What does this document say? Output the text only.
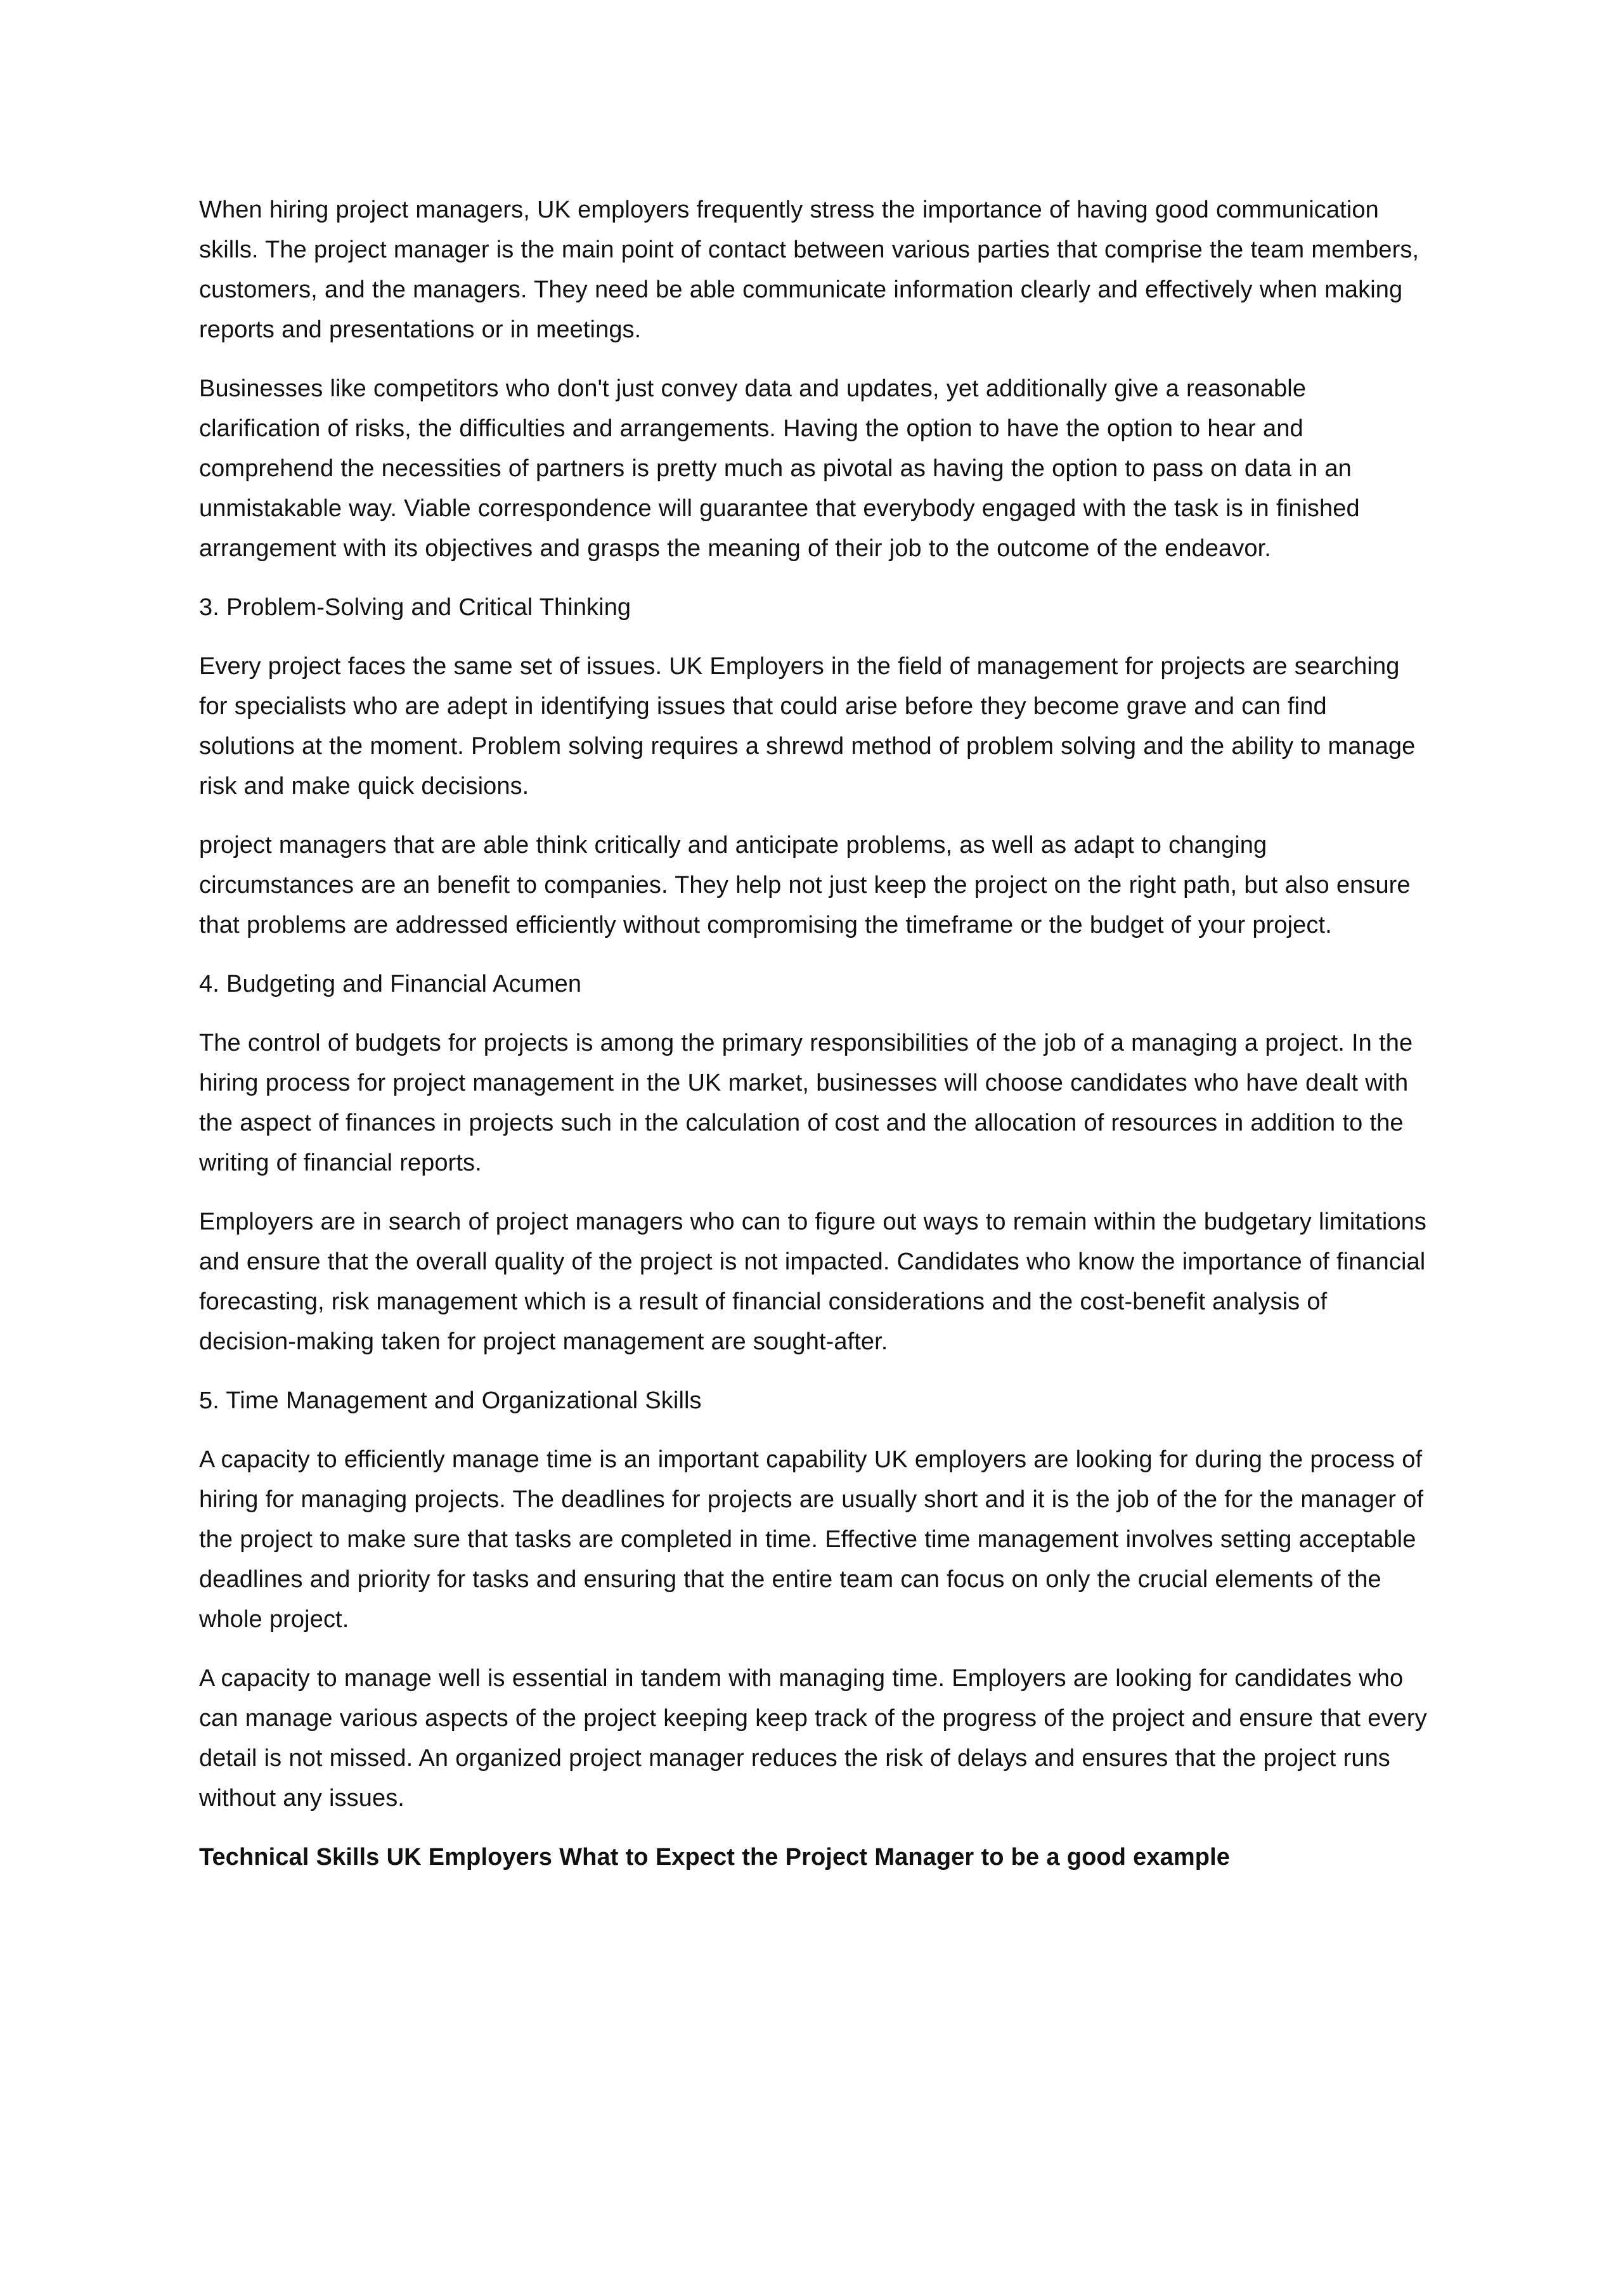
When hiring project managers, UK employers frequently stress the importance of having good communication skills. The project manager is the main point of contact between various parties that comprise the team members, customers, and the managers. They need be able communicate information clearly and effectively when making reports and presentations or in meetings.

Businesses like competitors who don't just convey data and updates, yet additionally give a reasonable clarification of risks, the difficulties and arrangements. Having the option to have the option to hear and comprehend the necessities of partners is pretty much as pivotal as having the option to pass on data in an unmistakable way. Viable correspondence will guarantee that everybody engaged with the task is in finished arrangement with its objectives and grasps the meaning of their job to the outcome of the endeavor.

3. Problem-Solving and Critical Thinking

Every project faces the same set of issues. UK Employers in the field of management for projects are searching for specialists who are adept in identifying issues that could arise before they become grave and can find solutions at the moment. Problem solving requires a shrewd method of problem solving and the ability to manage risk and make quick decisions.

project managers that are able think critically and anticipate problems, as well as adapt to changing circumstances are an benefit to companies. They help not just keep the project on the right path, but also ensure that problems are addressed efficiently without compromising the timeframe or the budget of your project.

4. Budgeting and Financial Acumen

The control of budgets for projects is among the primary responsibilities of the job of a managing a project. In the hiring process for project management in the UK market, businesses will choose candidates who have dealt with the aspect of finances in projects such in the calculation of cost and the allocation of resources in addition to the writing of financial reports.

Employers are in search of project managers who can to figure out ways to remain within the budgetary limitations and ensure that the overall quality of the project is not impacted. Candidates who know the importance of financial forecasting, risk management which is a result of financial considerations and the cost-benefit analysis of decision-making taken for project management are sought-after.

5. Time Management and Organizational Skills

A capacity to efficiently manage time is an important capability UK employers are looking for during the process of hiring for managing projects. The deadlines for projects are usually short and it is the job of the for the manager of the project to make sure that tasks are completed in time. Effective time management involves setting acceptable deadlines and priority for tasks and ensuring that the entire team can focus on only the crucial elements of the whole project.

A capacity to manage well is essential in tandem with managing time. Employers are looking for candidates who can manage various aspects of the project keeping keep track of the progress of the project and ensure that every detail is not missed. An organized project manager reduces the risk of delays and ensures that the project runs without any issues.

Technical Skills UK Employers What to Expect the Project Manager to be a good example
